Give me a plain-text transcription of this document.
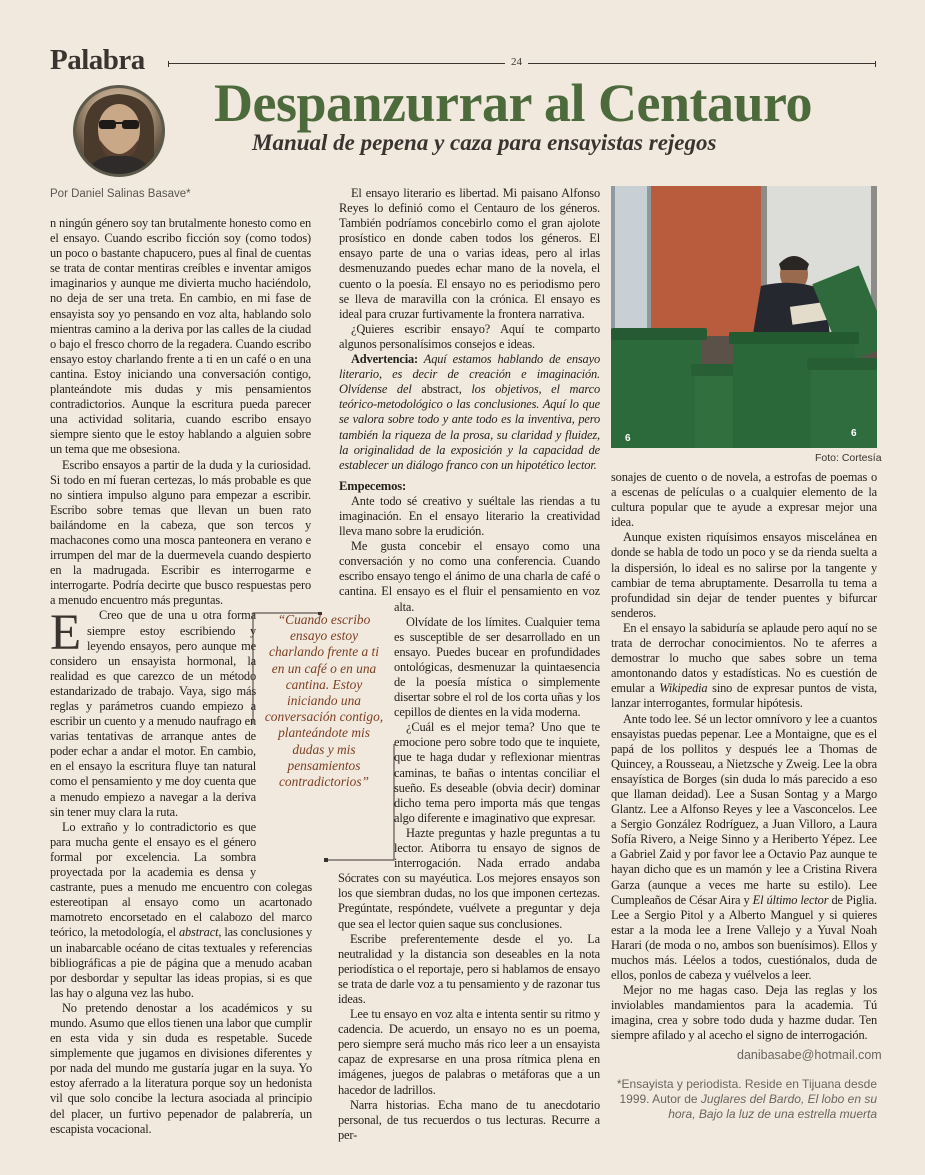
Palabra	24
Despanzurrar al Centauro
Manual de pepena y caza para ensayistas rejegos
Por Daniel Salinas Basave*

E
n ningún género soy tan brutalmente honesto como en el ensayo. Cuando escribo ficción soy (como todos) un poco o bastante chapucero, pues al final de cuentas se trata de contar mentiras creíbles e inventar amigos imaginarios y aunque me divierta mucho haciéndolo, no deja de ser una treta. En cambio, en mi fase de ensayista soy yo pensando en voz alta, hablando solo mientras camino a la deriva por las calles de la ciudad o bajo el fresco chorro de la regadera. Cuando escribo ensayo estoy charlando frente a ti en un café o en una cantina. Estoy iniciando una conversación contigo, planteándote mis dudas y mis pensamientos contradictorios. Aunque la escritura pueda parecer una actividad solitaria, cuando escribo ensayo siempre siento que le estoy hablando a alguien sobre un tema que me obsesiona.

Escribo ensayos a partir de la duda y la curiosidad. Si todo en mí fueran certezas, lo más probable es que no sintiera impulso alguno para empezar a escribir. Escribo sobre temas que llevan un buen rato bailándome en la cabeza, que son tercos y machacones como una mosca panteonera en verano e irrumpen del mar de la duermevela cuando despierto en la madrugada. Escribir es interrogarme e interrogarte. Podría decirte que busco respuestas pero a menudo encuentro más preguntas.

Creo que de una u otra forma siempre estoy escribiendo y leyendo ensayos, pero aunque me considero un ensayista hormonal, la realidad es que carezco de un método estandarizado de trabajo. Vaya, sigo más reglas y parámetros cuando empiezo a escribir un cuento y a menudo naufrago en varias tentativas de arranque antes de poder echar a andar el motor. En cambio, en el ensayo la escritura fluye tan natural como el pensamiento y me doy cuenta que a menudo empiezo a navegar a la deriva sin tener muy clara la ruta.

Lo extraño y lo contradictorio es que para mucha gente el ensayo es el género formal por excelencia. La sombra proyectada por la academia es densa y castrante, pues a menudo me encuentro con colegas estereotipan al ensayo como un acartonado mamotreto encorsetado en el calabozo del marco teórico, la metodología, el abstract, las conclusiones y un inabarcable océano de citas textuales y referencias bibliográficas a pie de página que a menudo acaban por desbordar y sepultar las ideas propias, si es que las hay o alguna vez las hubo.

No pretendo denostar a los académicos y su mundo. Asumo que ellos tienen una labor que cumplir en esta vida y sin duda es respetable. Sucede simplemente que jugamos en divisiones diferentes y por nada del mundo me gustaría jugar en la suya. Yo estoy aferrado a la literatura porque soy un hedonista vil que solo concibe la lectura asociada al principio del placer, un furtivo pepenador de palabrería, un escapista vocacional.

El ensayo literario es libertad. Mi paisano Alfonso Reyes lo definió como el Centauro de los géneros. También podríamos concebirlo como el gran ajolote prosístico en donde caben todos los géneros. El ensayo parte de una o varias ideas, pero al irlas desmenuzando puedes echar mano de la novela, el cuento o la poesía. El ensayo no es periodismo pero se lleva de maravilla con la crónica. El ensayo es ideal para cruzar furtivamente la frontera narrativa.

¿Quieres escribir ensayo? Aquí te comparto algunos personalísimos consejos e ideas.

Advertencia: Aquí estamos hablando de ensayo literario, es decir de creación e imaginación. Olvídense del abstract, los objetivos, el marco teórico-metodológico o las conclusiones. Aquí lo que se valora sobre todo y ante todo es la inventiva, pero también la riqueza de la prosa, su claridad y fluidez, la originalidad de la exposición y la capacidad de establecer un diálogo franco con un hipotético lector.

Empecemos:

Ante todo sé creativo y suéltale las riendas a tu imaginación. En el ensayo literario la creatividad lleva mano sobre la erudición.

Me gusta concebir el ensayo como una conversación y no como una conferencia. Cuando escribo ensayo tengo el ánimo de una charla de café o cantina. El ensayo es el fluir el pensamiento en voz alta.

Olvídate de los límites. Cualquier tema es susceptible de ser desarrollado en un ensayo. Puedes bucear en profundidades ontológicas, desmenuzar la quintaesencia de la poesía mística o simplemente disertar sobre el rol de los corta uñas y los cepillos de dientes en la vida moderna.

¿Cuál es el mejor tema? Uno que te emocione pero sobre todo que te inquiete, que te haga dudar y reflexionar mientras caminas, te bañas o intentas conciliar el sueño. Es deseable (obvia decir) dominar dicho tema pero importa más que tengas algo diferente e imaginativo que expresar.

Hazte preguntas y hazle preguntas a tu lector. Atiborra tu ensayo de signos de interrogación. Nada errado andaba Sócrates con su mayéutica. Los mejores ensayos son los que siembran dudas, no los que imponen certezas. Pregúntate, respóndete, vuélvete a preguntar y deja que sea el lector quien saque sus conclusiones.

Escribe preferentemente desde el yo. La neutralidad y la distancia son deseables en la nota periodística o el reportaje, pero si hablamos de ensayo se trata de darle voz a tu pensamiento y de razonar tus ideas.

Lee tu ensayo en voz alta e intenta sentir su ritmo y cadencia. De acuerdo, un ensayo no es un poema, pero siempre será mucho más rico leer a un ensayista capaz de expresarse en una prosa rítmica plena en imágenes, juegos de palabras o metáforas que a un hacedor de ladrillos.

Narra historias. Echa mano de tu anecdotario personal, de tus recuerdos o tus lecturas. Recurre a per-

“Cuando escribo ensayo estoy charlando frente a ti en un café o en una cantina. Estoy iniciando una conversación contigo, planteándote mis dudas y mis pensamientos contradictorios”
6	6
Foto: Cortesía

sonajes de cuento o de novela, a estrofas de poemas o a escenas de películas o a cualquier elemento de la cultura popular que te ayude a expresar mejor una idea.

Aunque existen riquísimos ensayos miscelánea en donde se habla de todo un poco y se da rienda suelta a la dispersión, lo ideal es no salirse por la tangente y cambiar de tema abruptamente. Desarrolla tu tema a profundidad sin dejar de tender puentes y bifurcar senderos.

En el ensayo la sabiduría se aplaude pero aquí no se trata de derrochar conocimientos. No te aferres a demostrar lo mucho que sabes sobre un tema amontonando datos y estadísticas. No es cuestión de emular a Wikipedia sino de expresar puntos de vista, lanzar interrogantes, formular hipótesis.

Ante todo lee. Sé un lector omnívoro y lee a cuantos ensayistas puedas pepenar. Lee a Montaigne, que es el papá de los pollitos y después lee a Thomas de Quincey, a Rousseau, a Nietzsche y Zweig. Lee la obra ensayística de Borges (sin duda lo más parecido a eso que llaman deidad). Lee a Susan Sontag y a Margo Glantz. Lee a Alfonso Reyes y lee a Vasconcelos. Lee a Sergio González Rodríguez, a Juan Villoro, a Laura Sofía Rivero, a Neige Sinno y a Heriberto Yépez. Lee a Gabriel Zaid y por favor lee a Octavio Paz aunque te hayan dicho que es un mamón y lee a Cristina Rivera Garza (aunque a veces me harte su estilo). Lee Cumpleaños de César Aira y El último lector de Piglia. Lee a Sergio Pitol y a Alberto Manguel y si quieres estar a la moda lee a Irene Vallejo y a Yuval Noah Harari (de moda o no, ambos son buenísimos). Ellos y muchos más. Léelos a todos, cuestiónalos, duda de ellos, ponlos de cabeza y vuélvelos a leer.

Mejor no me hagas caso. Deja las reglas y los inviolables mandamientos para la academia. Tú imagina, crea y sobre todo duda y hazme dudar. Ten siempre afilado y al acecho el signo de interrogación.

danibasabe@hotmail.com
*Ensayista y periodista. Reside en Tijuana desde 1999. Autor de Juglares del Bardo, El lobo en su hora, Bajo la luz de una estrella muerta
